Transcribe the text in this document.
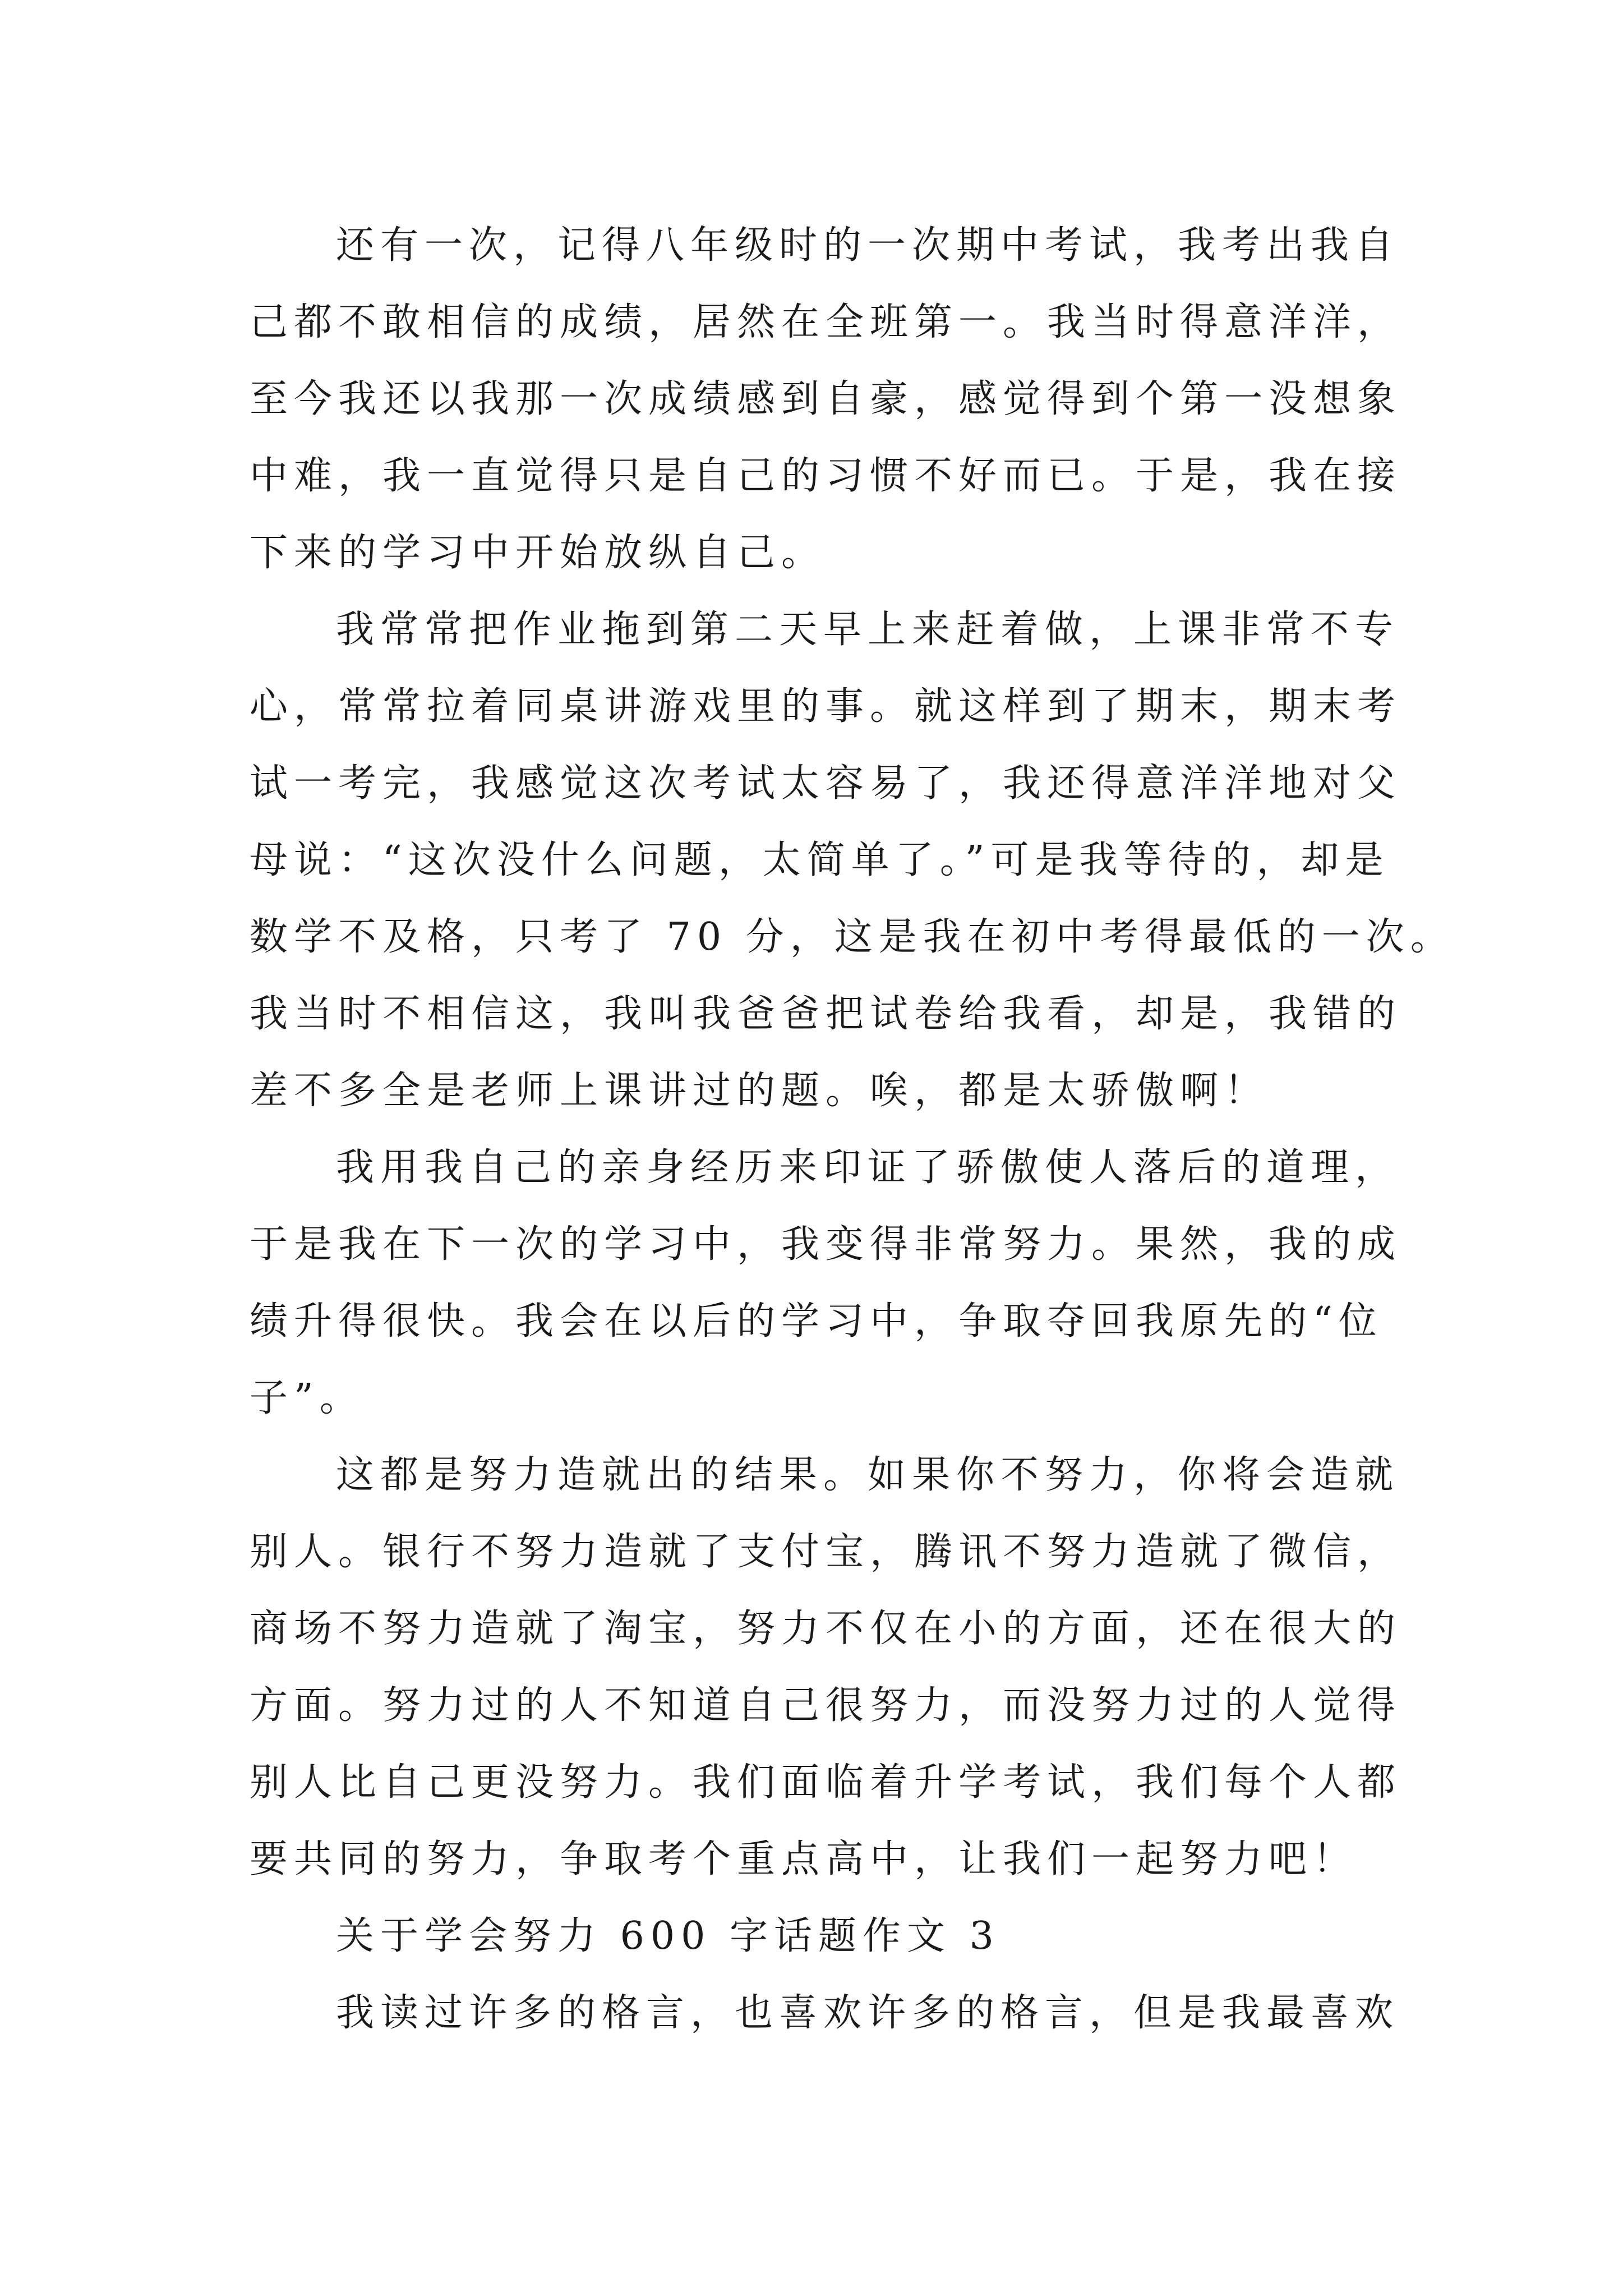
还有一次，记得八年级时的一次期中考试，我考出我自
己都不敢相信的成绩，居然在全班第一。我当时得意洋洋，
至今我还以我那一次成绩感到自豪，感觉得到个第一没想象
中难，我一直觉得只是自己的习惯不好而已。于是，我在接
下来的学习中开始放纵自己。
我常常把作业拖到第二天早上来赶着做，上课非常不专
心，常常拉着同桌讲游戏里的事。就这样到了期末，期末考
试一考完，我感觉这次考试太容易了，我还得意洋洋地对父
母说：“这次没什么问题，太简单了。”可是我等待的，却是
数学不及格，只考了 70 分，这是我在初中考得最低的一次。
我当时不相信这，我叫我爸爸把试卷给我看，却是，我错的
差不多全是老师上课讲过的题。唉，都是太骄傲啊！
我用我自己的亲身经历来印证了骄傲使人落后的道理，
于是我在下一次的学习中，我变得非常努力。果然，我的成
绩升得很快。我会在以后的学习中，争取夺回我原先的“位
子”。
这都是努力造就出的结果。如果你不努力，你将会造就
别人。银行不努力造就了支付宝，腾讯不努力造就了微信，
商场不努力造就了淘宝，努力不仅在小的方面，还在很大的
方面。努力过的人不知道自己很努力，而没努力过的人觉得
别人比自己更没努力。我们面临着升学考试，我们每个人都
要共同的努力，争取考个重点高中，让我们一起努力吧！
关于学会努力 600 字话题作文 3
我读过许多的格言，也喜欢许多的格言，但是我最喜欢
